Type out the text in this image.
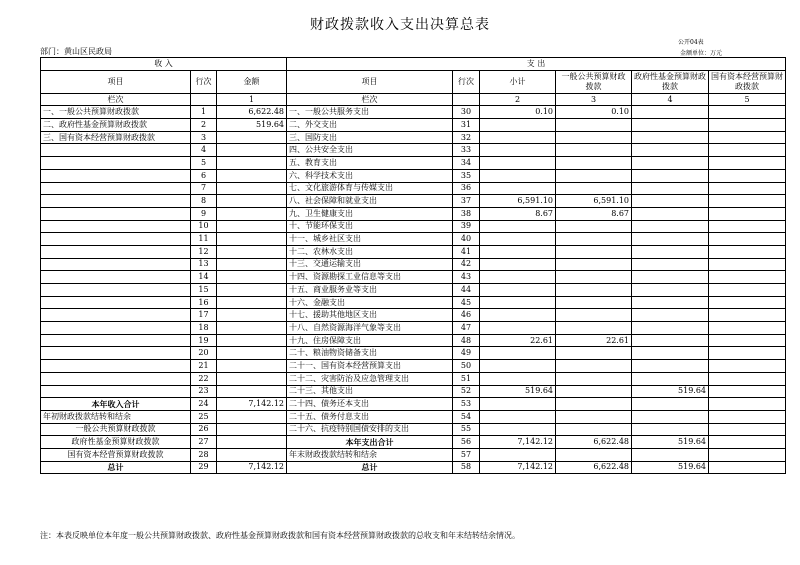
财政拨款收入支出决算总表
公开04表
部门：黄山区民政局	金额单位：万元
收 入			支 出					
项目	行次	金额	项目	行次	小计	一般公共预算财政拨款	政府性基金预算财政拨款	国有资本经营预算财政拨款
栏次		1	栏次		2	3	4	5
一、一般公共预算财政拨款	1	6,622.48	一、一般公共服务支出	30	0.10	0.10		
二、政府性基金预算财政拨款	2	519.64	二、外交支出	31				
三、国有资本经营预算财政拨款	3		三、国防支出	32				
	4		四、公共安全支出	33				
	5		五、教育支出	34				
	6		六、科学技术支出	35				
	7		七、文化旅游体育与传媒支出	36				
	8		八、社会保障和就业支出	37	6,591.10	6,591.10		
	9		九、卫生健康支出	38	8.67	8.67		
	10		十、节能环保支出	39				
	11		十一、城乡社区支出	40				
	12		十二、农林水支出	41				
	13		十三、交通运输支出	42				
	14		十四、资源勘探工业信息等支出	43				
	15		十五、商业服务业等支出	44				
	16		十六、金融支出	45				
	17		十七、援助其他地区支出	46				
	18		十八、自然资源海洋气象等支出	47				
	19		十九、住房保障支出	48	22.61	22.61		
	20		二十、粮油物资储备支出	49				
	21		二十一、国有资本经营预算支出	50				
	22		二十二、灾害防治及应急管理支出	51				
	23		二十三、其他支出	52	519.64		519.64	
本年收入合计	24	7,142.12	二十四、债务还本支出	53				
年初财政拨款结转和结余	25		二十五、债务付息支出	54				
一般公共预算财政拨款	26		二十六、抗疫特别国债安排的支出	55				
政府性基金预算财政拨款	27		本年支出合计	56	7,142.12	6,622.48	519.64	
国有资本经营预算财政拨款	28		年末财政拨款结转和结余	57				
总计	29	7,142.12	总计	58	7,142.12	6,622.48	519.64	
注：本表反映单位本年度一般公共预算财政拨款、政府性基金预算财政拨款和国有资本经营预算财政拨款的总收支和年末结转结余情况。
